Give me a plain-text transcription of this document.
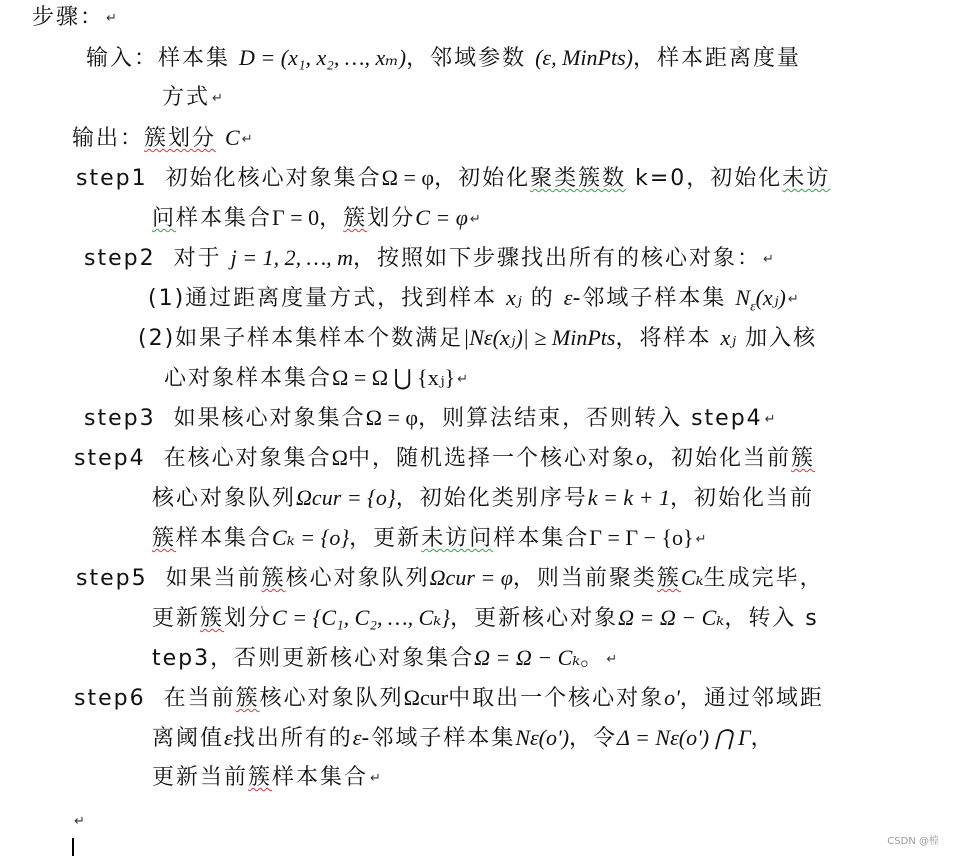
步骤： ↵
输入：样本集 D = (x₁, x₂, …, xₘ)，邻域参数 (ε, MinPts)，样本距离度量
方式 ↵
输出：簇划分 C ↵
step1 初始化核心对象集合Ω = φ，初始化聚类簇数 k=0，初始化未访
问样本集合Γ = 0，簇划分C = φ ↵
step2 对于 j = 1, 2, …, m，按照如下步骤找出所有的核心对象： ↵
(1)通过距离度量方式，找到样本 xⱼ 的 ε-邻域子样本集 $N_\varepsilon(xⱼ)$ ↵
(2)如果子样本集样本个数满足|Nε(xⱼ)| ≥ MinPts，将样本 xⱼ 加入核
心对象样本集合Ω = Ω ⋃ {xⱼ} ↵
step3 如果核心对象集合Ω = φ，则算法结束，否则转入 step4 ↵
step4 在核心对象集合Ω中，随机选择一个核心对象o，初始化当前簇
核心对象队列Ωcur = {o}，初始化类别序号k = k + 1，初始化当前
簇样本集合Cₖ = {o}，更新未访问样本集合Γ = Γ − {o} ↵
step5 如果当前簇核心对象队列Ωcur = φ，则当前聚类簇Cₖ生成完毕，
更新簇划分C = {C₁, C₂, …, Cₖ}，更新核心对象Ω = Ω − Cₖ，转入 s
tep3，否则更新核心对象集合Ω = Ω − Cₖ。 ↵
step6 在当前簇核心对象队列Ωcur中取出一个核心对象o'，通过邻域距
离阈值ε找出所有的ε-邻域子样本集Nε(o')，令Δ = Nε(o') ⋂ Γ，
更新当前簇样本集合 ↵
↵
CSDN @樘
